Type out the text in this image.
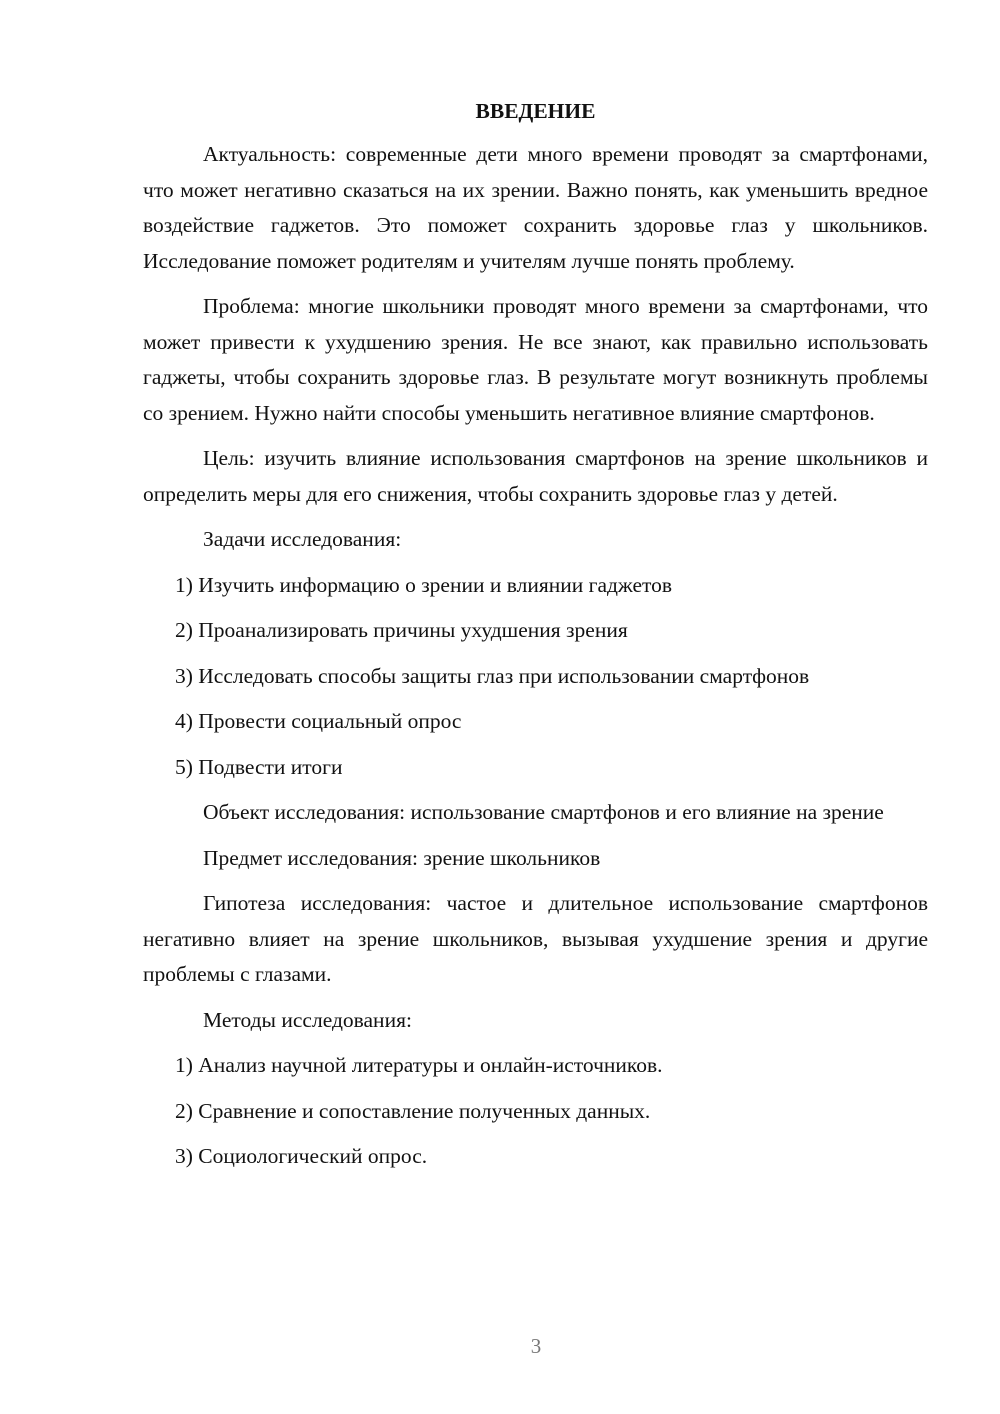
ВВЕДЕНИЕ
Актуальность: современные дети много времени проводят за смартфонами, что может негативно сказаться на их зрении. Важно понять, как уменьшить вредное воздействие гаджетов. Это поможет сохранить здоровье глаз у школьников. Исследование поможет родителям и учителям лучше понять проблему.
Проблема: многие школьники проводят много времени за смартфонами, что может привести к ухудшению зрения. Не все знают, как правильно использовать гаджеты, чтобы сохранить здоровье глаз. В результате могут возникнуть проблемы со зрением. Нужно найти способы уменьшить негативное влияние смартфонов.
Цель: изучить влияние использования смартфонов на зрение школьников и определить меры для его снижения, чтобы сохранить здоровье глаз у детей.
Задачи исследования:
1) Изучить информацию о зрении и влиянии гаджетов
2) Проанализировать причины ухудшения зрения
3) Исследовать способы защиты глаз при использовании смартфонов
4) Провести социальный опрос
5) Подвести итоги
Объект исследования: использование смартфонов и его влияние на зрение
Предмет исследования: зрение школьников
Гипотеза исследования: частое и длительное использование смартфонов негативно влияет на зрение школьников, вызывая ухудшение зрения и другие проблемы с глазами.
Методы исследования:
1) Анализ научной литературы и онлайн-источников.
2) Сравнение и сопоставление полученных данных.
3) Социологический опрос.
3
